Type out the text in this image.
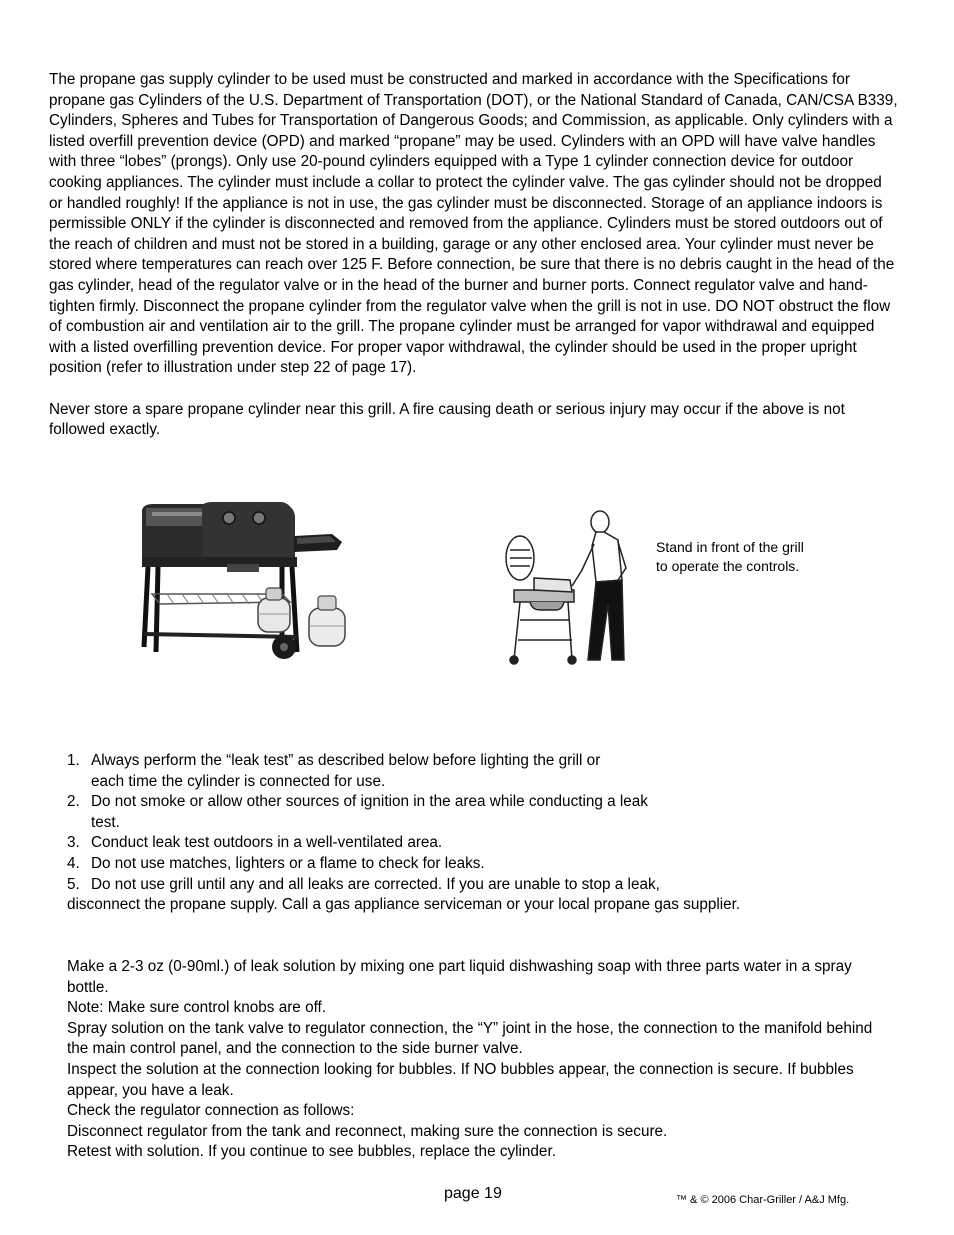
The propane gas supply cylinder to be used must be constructed and marked in accordance with the Specifications for propane gas Cylinders of the U.S. Department of Transportation (DOT), or the National Standard of Canada, CAN/CSA B339, Cylinders, Spheres and Tubes for Transportation of Dangerous Goods; and Commission, as applicable. Only cylinders with a listed overfill prevention device (OPD) and marked “propane” may be used. Cylinders with an OPD will have valve handles with three “lobes” (prongs). Only use 20-pound cylinders equipped with a Type 1 cylinder connection device for outdoor cooking appliances. The cylinder must include a collar to protect the cylinder valve. The gas cylinder should not be dropped or handled roughly! If the appliance is not in use, the gas cylinder must be disconnected. Storage of an appliance indoors is permissible ONLY if the cylinder is disconnected and removed from the appliance. Cylinders must be stored outdoors out of the reach of children and must not be stored in a building, garage or any other enclosed area. Your cylinder must never be stored where temperatures can reach over 125 F. Before connection, be sure that there is no debris caught in the head of the gas cylinder, head of the regulator valve or in the head of the burner and burner ports. Connect regulator valve and hand-tighten firmly. Disconnect the propane cylinder from the regulator valve when the grill is not in use. DO NOT obstruct the flow of combustion air and ventilation air to the grill. The propane cylinder must be arranged for vapor withdrawal and equipped with a listed overfilling prevention device. For proper vapor withdrawal, the cylinder should be used in the proper upright position (refer to illustration under step 22 of page 17).

Never store a spare propane cylinder near this grill. A fire causing death or serious injury may occur if the above is not followed exactly.

Stand in front of the grill to operate the controls.
1. Always perform the “leak test” as described below before lighting the grill or
each time the cylinder is connected for use.
2. Do not smoke or allow other sources of ignition in the area while conducting a leak
test.
3. Conduct leak test outdoors in a well-ventilated area.
4. Do not use matches, lighters or a flame to check for leaks.
5. Do not use grill until any and all leaks are corrected. If you are unable to stop a leak,
disconnect the propane supply. Call a gas appliance serviceman or your local propane gas supplier.

Make a 2-3 oz (0-90ml.) of leak solution by mixing one part liquid dishwashing soap with three parts water in a spray bottle.

Note: Make sure control knobs are off.

Spray solution on the tank valve to regulator connection, the “Y” joint in the hose, the connection to the manifold behind the main control panel, and the connection to the side burner valve.

Inspect the solution at the connection looking for bubbles. If NO bubbles appear, the connection is secure. If bubbles appear, you have a leak.

Check the regulator connection as follows:

Disconnect regulator from the tank and reconnect, making sure the connection is secure.

Retest with solution. If you continue to see bubbles, replace the cylinder.

page 19	™ & © 2006 Char-Griller / A&J Mfg.
